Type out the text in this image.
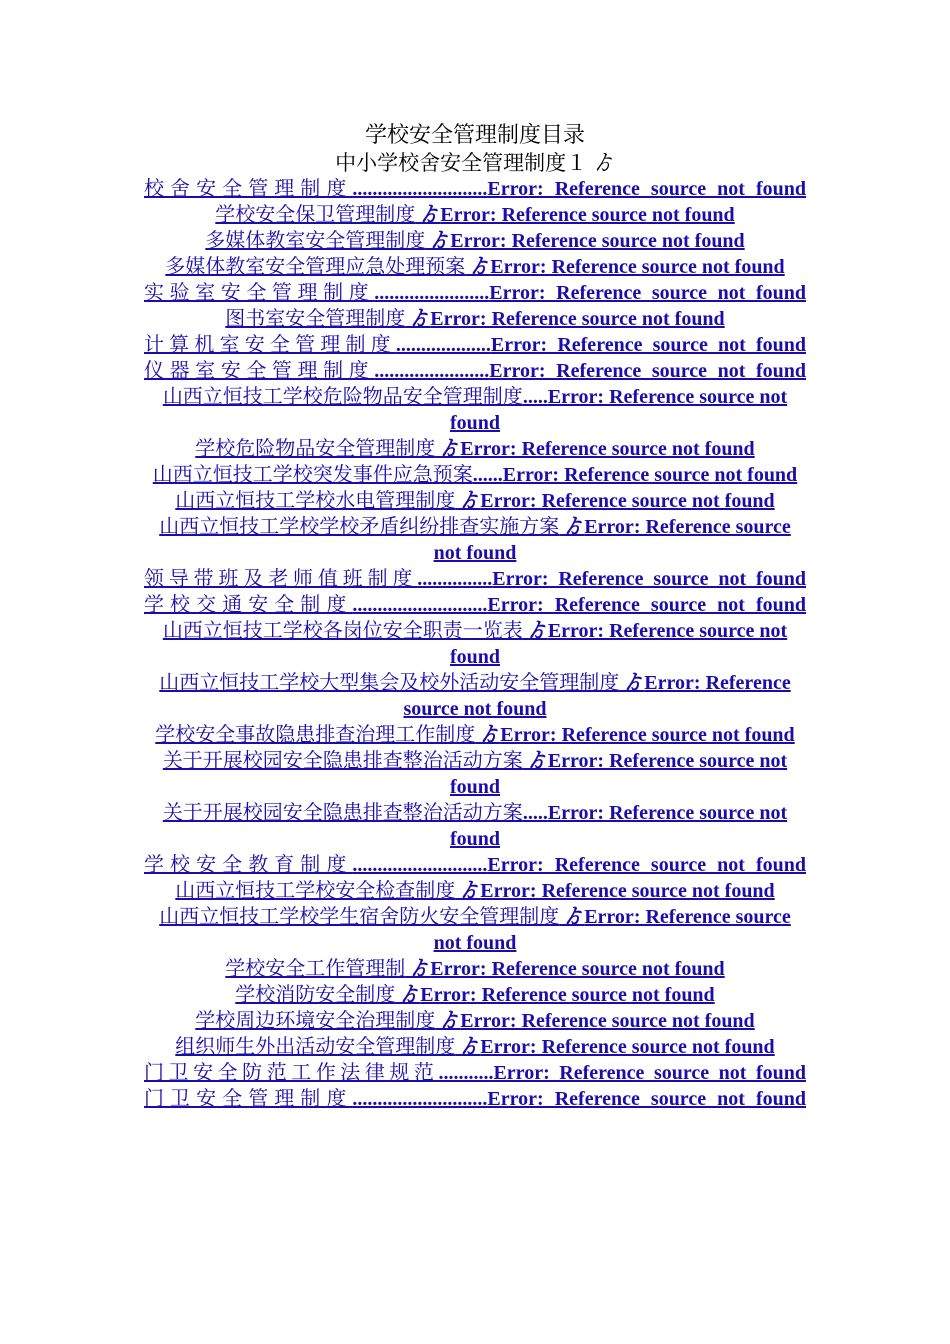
学校安全管理制度目录
中小学校舍安全管理制度１ ゟ
校舍安全管理制度...........................Error: Reference source not found
学校安全保卫管理制度 ゟError: Reference source not found
多媒体教室安全管理制度 ゟError: Reference source not found
多媒体教室安全管理应急处理预案 ゟError: Reference source not found
实验室安全管理制度.......................Error: Reference source not found
图书室安全管理制度 ゟError: Reference source not found
计算机室安全管理制度...................Error: Reference source not found
仪器室安全管理制度.......................Error: Reference source not found
山西立恒技工学校危险物品安全管理制度.....Error: Reference source not found
学校危险物品安全管理制度 ゟError: Reference source not found
山西立恒技工学校突发事件应急预案......Error: Reference source not found
山西立恒技工学校水电管理制度 ゟError: Reference source not found
山西立恒技工学校学校矛盾纠纷排查实施方案 ゟError: Reference source not found
领导带班及老师值班制度...............Error: Reference source not found
学校交通安全制度...........................Error: Reference source not found
山西立恒技工学校各岗位安全职责一览表 ゟError: Reference source not found
山西立恒技工学校大型集会及校外活动安全管理制度 ゟError: Reference source not found
学校安全事故隐患排查治理工作制度 ゟError: Reference source not found
关于开展校园安全隐患排查整治活动方案 ゟError: Reference source not found
关于开展校园安全隐患排查整治活动方案.....Error: Reference source not found
学校安全教育制度...........................Error: Reference source not found
山西立恒技工学校安全检查制度 ゟError: Reference source not found
山西立恒技工学校学生宿舍防火安全管理制度 ゟError: Reference source not found
学校安全工作管理制 ゟError: Reference source not found
学校消防安全制度 ゟError: Reference source not found
学校周边环境安全治理制度 ゟError: Reference source not found
组织师生外出活动安全管理制度 ゟError: Reference source not found
门卫安全防范工作法律规范...........Error: Reference source not found
门卫安全管理制度...........................Error: Reference source not found
